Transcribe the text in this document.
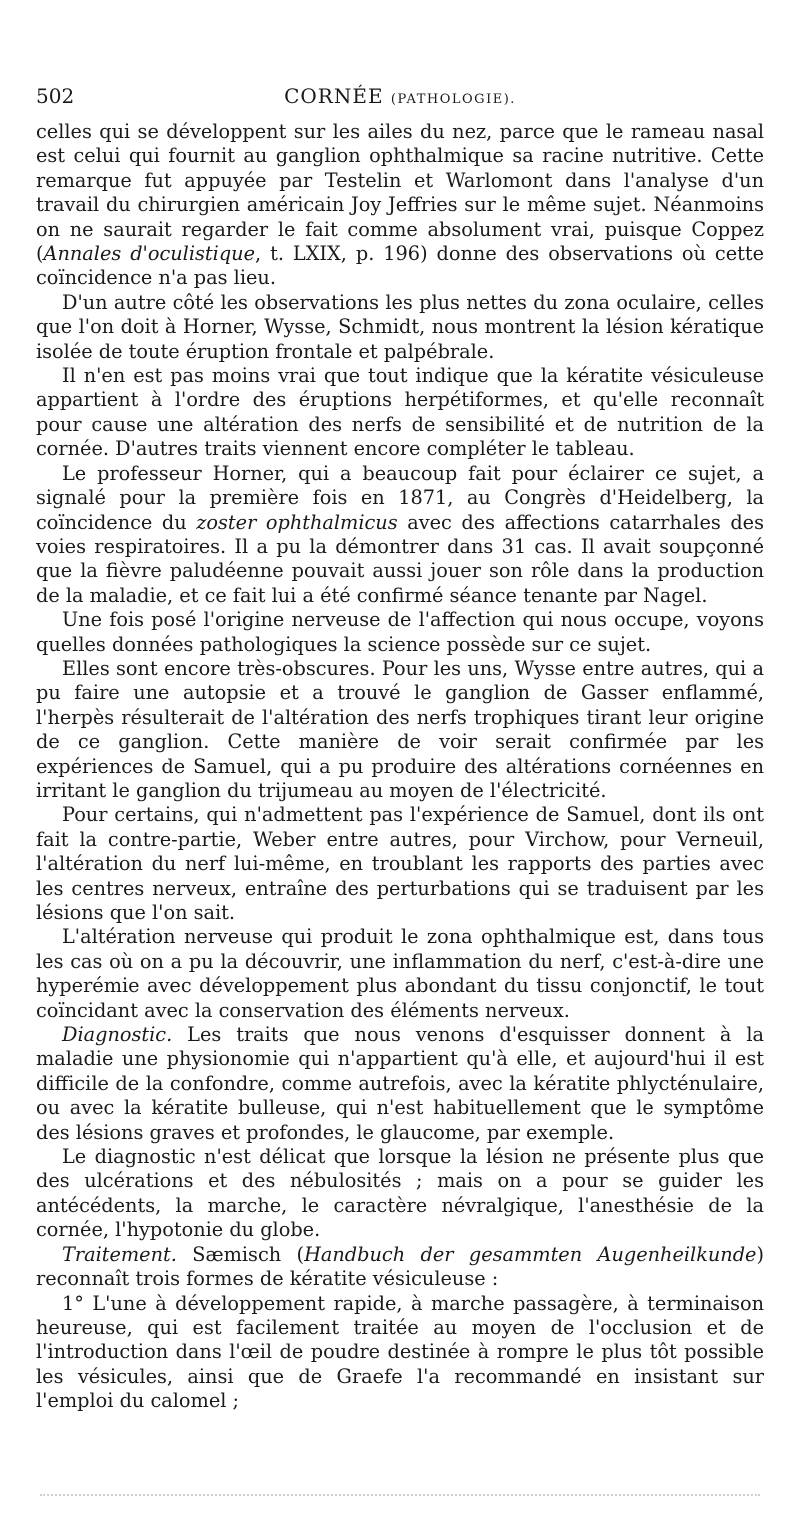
502	CORNÉE (PATHOLOGIE).

celles qui se développent sur les ailes du nez, parce que le rameau nasal est celui qui fournit au ganglion ophthalmique sa racine nutritive. Cette remarque fut appuyée par Testelin et Warlomont dans l'analyse d'un travail du chirurgien américain Joy Jeffries sur le même sujet. Néanmoins on ne saurait regarder le fait comme absolument vrai, puisque Coppez (Annales d'oculistique, t. LXIX, p. 196) donne des observations où cette coïncidence n'a pas lieu.

D'un autre côté les observations les plus nettes du zona oculaire, celles que l'on doit à Horner, Wysse, Schmidt, nous montrent la lésion kératique isolée de toute éruption frontale et palpébrale.

Il n'en est pas moins vrai que tout indique que la kératite vésiculeuse appartient à l'ordre des éruptions herpétiformes, et qu'elle reconnaît pour cause une altération des nerfs de sensibilité et de nutrition de la cornée. D'autres traits viennent encore compléter le tableau.

Le professeur Horner, qui a beaucoup fait pour éclairer ce sujet, a signalé pour la première fois en 1871, au Congrès d'Heidelberg, la coïncidence du zoster ophthalmicus avec des affections catarrhales des voies respiratoires. Il a pu la démontrer dans 31 cas. Il avait soupçonné que la fièvre paludéenne pouvait aussi jouer son rôle dans la production de la maladie, et ce fait lui a été confirmé séance tenante par Nagel.

Une fois posé l'origine nerveuse de l'affection qui nous occupe, voyons quelles données pathologiques la science possède sur ce sujet.

Elles sont encore très-obscures. Pour les uns, Wysse entre autres, qui a pu faire une autopsie et a trouvé le ganglion de Gasser enflammé, l'herpès résulterait de l'altération des nerfs trophiques tirant leur origine de ce ganglion. Cette manière de voir serait confirmée par les expériences de Samuel, qui a pu produire des altérations cornéennes en irritant le ganglion du trijumeau au moyen de l'électricité.

Pour certains, qui n'admettent pas l'expérience de Samuel, dont ils ont fait la contre-partie, Weber entre autres, pour Virchow, pour Verneuil, l'altération du nerf lui-même, en troublant les rapports des parties avec les centres nerveux, entraîne des perturbations qui se traduisent par les lésions que l'on sait.

L'altération nerveuse qui produit le zona ophthalmique est, dans tous les cas où on a pu la découvrir, une inflammation du nerf, c'est-à-dire une hyperémie avec développement plus abondant du tissu conjonctif, le tout coïncidant avec la conservation des éléments nerveux.

Diagnostic. Les traits que nous venons d'esquisser donnent à la maladie une physionomie qui n'appartient qu'à elle, et aujourd'hui il est difficile de la confondre, comme autrefois, avec la kératite phlycténulaire, ou avec la kératite bulleuse, qui n'est habituellement que le symptôme des lésions graves et profondes, le glaucome, par exemple.

Le diagnostic n'est délicat que lorsque la lésion ne présente plus que des ulcérations et des nébulosités ; mais on a pour se guider les antécédents, la marche, le caractère névralgique, l'anesthésie de la cornée, l'hypotonie du globe.

Traitement. Sæmisch (Handbuch der gesammten Augenheilkunde) reconnaît trois formes de kératite vésiculeuse :

1° L'une à développement rapide, à marche passagère, à terminaison heureuse, qui est facilement traitée au moyen de l'occlusion et de l'introduction dans l'œil de poudre destinée à rompre le plus tôt possible les vésicules, ainsi que de Graefe l'a recommandé en insistant sur l'emploi du calomel ;
